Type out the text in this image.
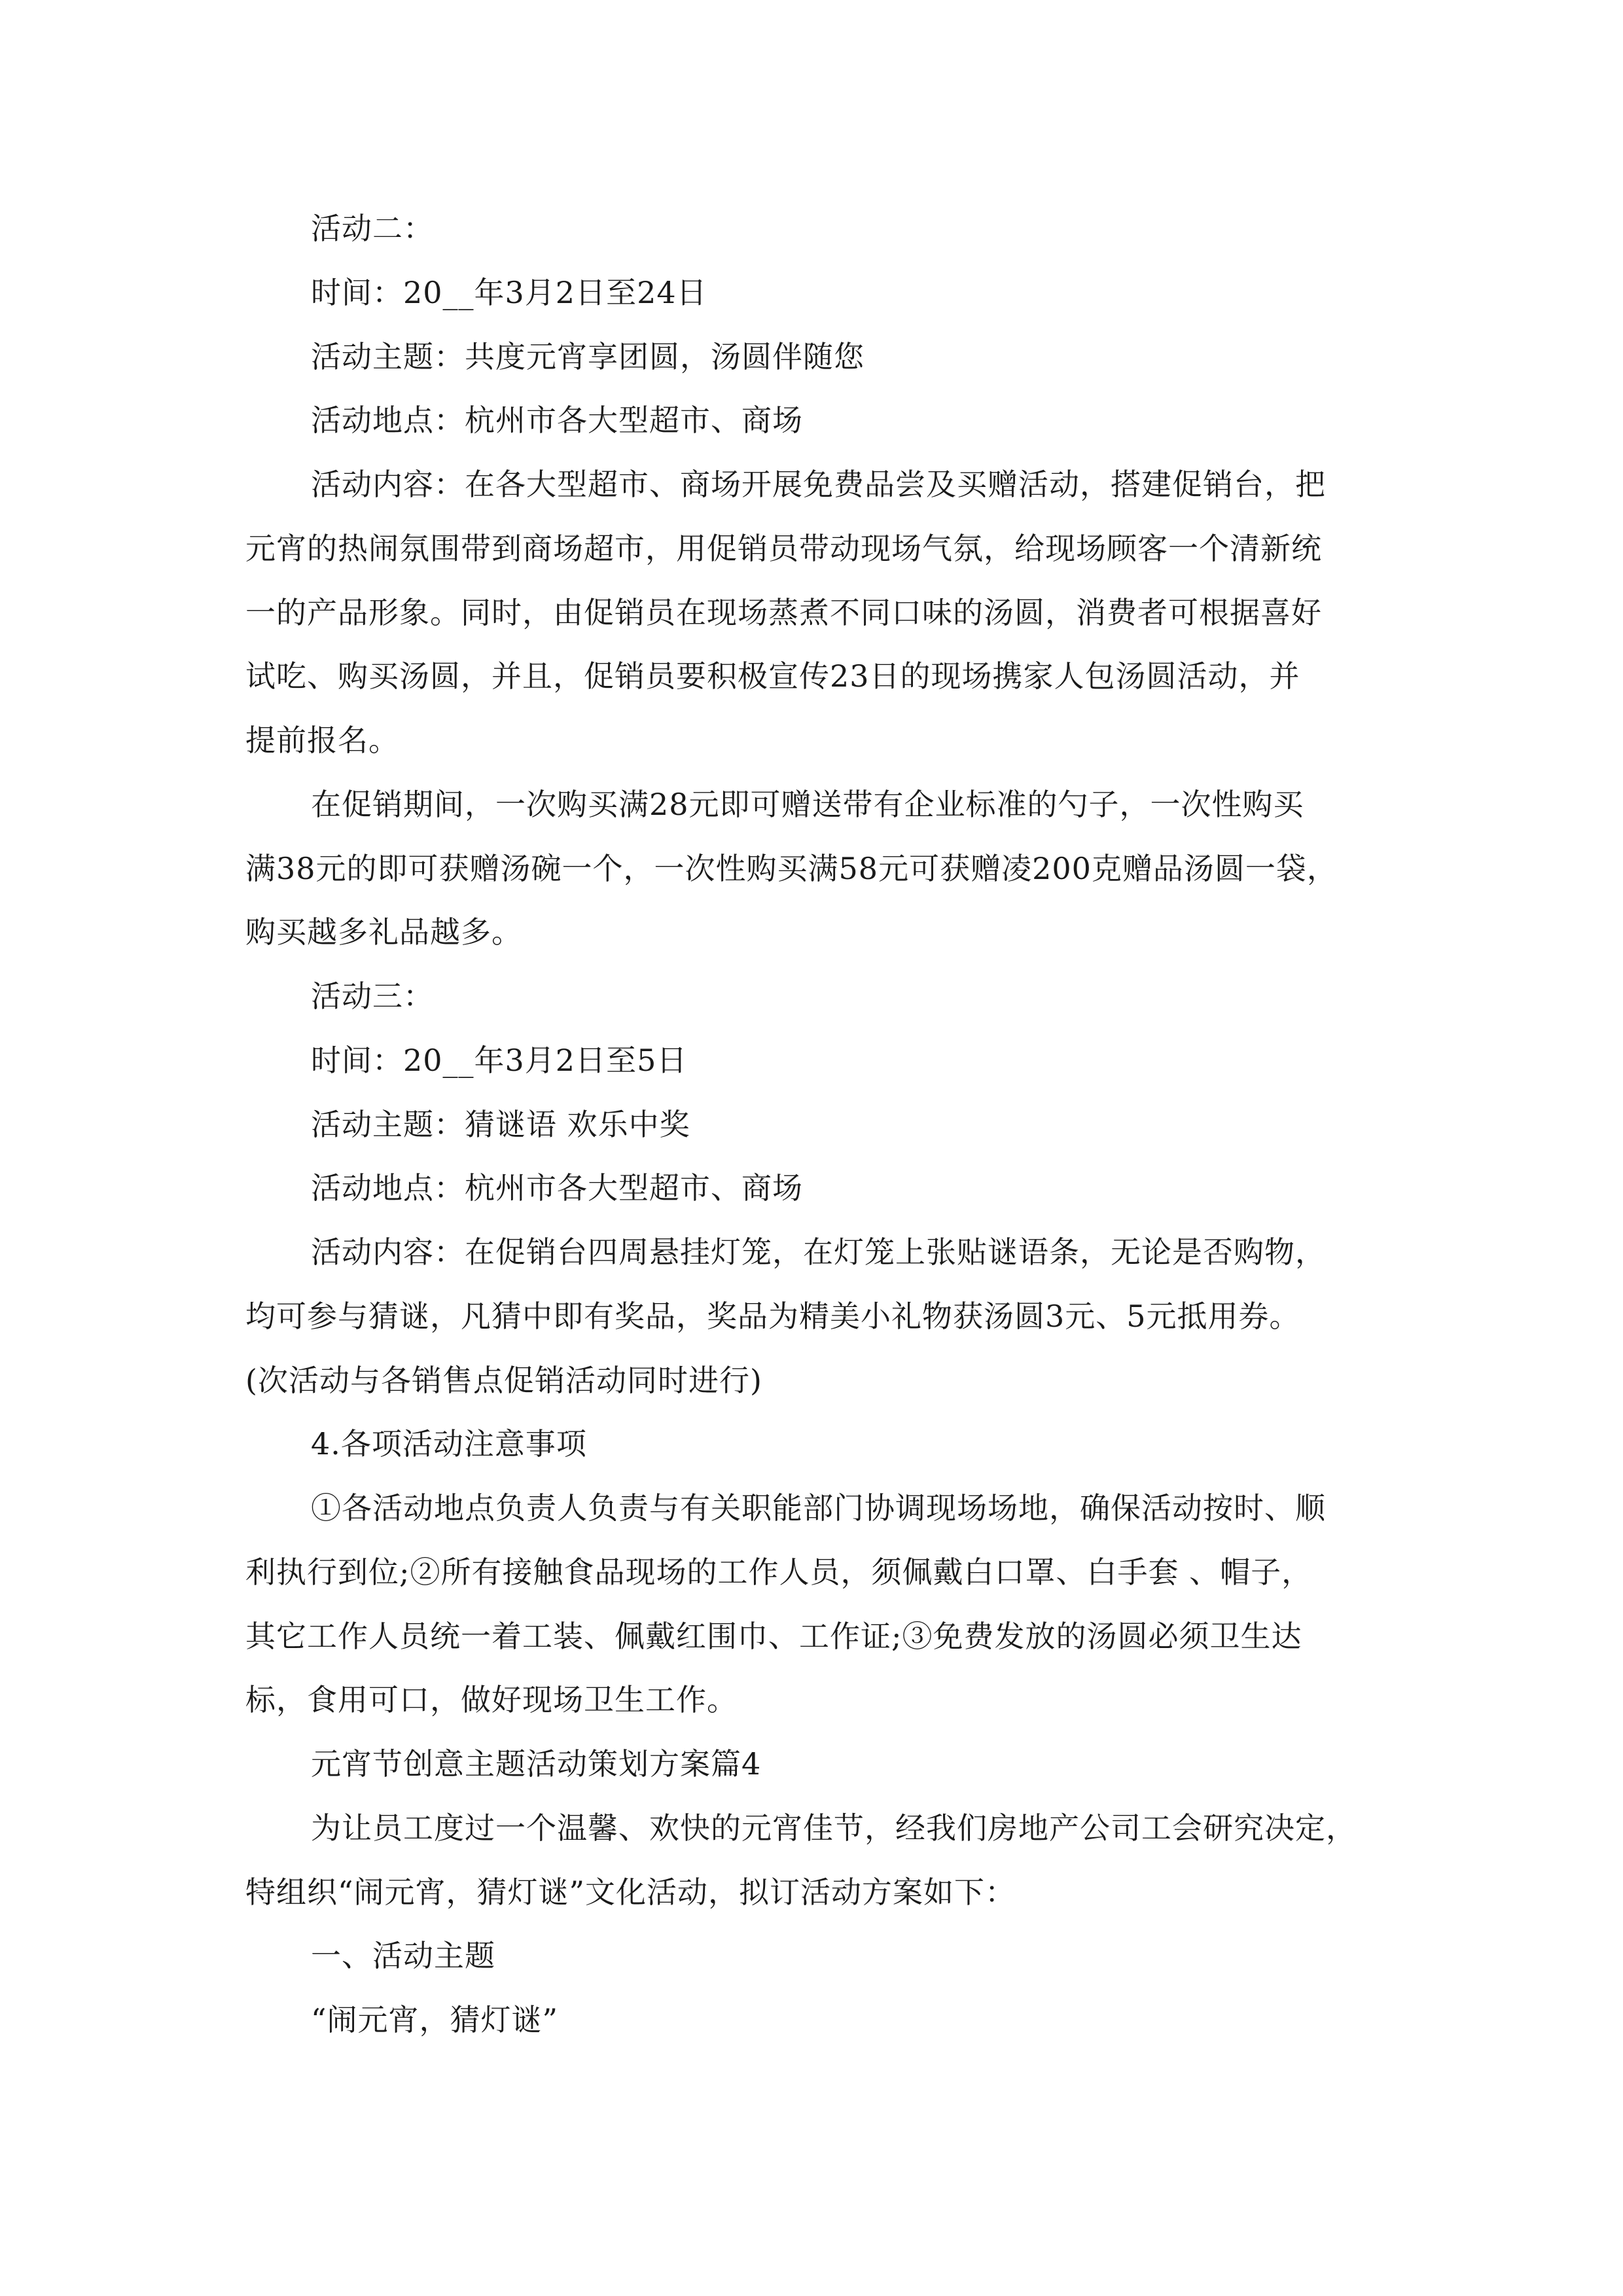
活动二：
时间：20__年3月2日至24日
活动主题：共度元宵享团圆，汤圆伴随您
活动地点：杭州市各大型超市、商场
活动内容：在各大型超市、商场开展免费品尝及买赠活动，搭建促销台，把
元宵的热闹氛围带到商场超市，用促销员带动现场气氛，给现场顾客一个清新统
一的产品形象。同时，由促销员在现场蒸煮不同口味的汤圆，消费者可根据喜好
试吃、购买汤圆，并且，促销员要积极宣传23日的现场携家人包汤圆活动，并
提前报名。
在促销期间，一次购买满28元即可赠送带有企业标准的勺子，一次性购买
满38元的即可获赠汤碗一个，一次性购买满58元可获赠凌200克赠品汤圆一袋，
购买越多礼品越多。
活动三：
时间：20__年3月2日至5日
活动主题：猜谜语 欢乐中奖
活动地点：杭州市各大型超市、商场
活动内容：在促销台四周悬挂灯笼，在灯笼上张贴谜语条，无论是否购物，
均可参与猜谜，凡猜中即有奖品，奖品为精美小礼物获汤圆3元、5元抵用券。
(次活动与各销售点促销活动同时进行)
4.各项活动注意事项
①各活动地点负责人负责与有关职能部门协调现场场地，确保活动按时、顺
利执行到位;②所有接触食品现场的工作人员，须佩戴白口罩、白手套 、帽子，
其它工作人员统一着工装、佩戴红围巾、工作证;③免费发放的汤圆必须卫生达
标，食用可口，做好现场卫生工作。
元宵节创意主题活动策划方案篇4
为让员工度过一个温馨、欢快的元宵佳节，经我们房地产公司工会研究决定，
特组织“闹元宵，猜灯谜”文化活动，拟订活动方案如下：
一、活动主题
“闹元宵，猜灯谜”
